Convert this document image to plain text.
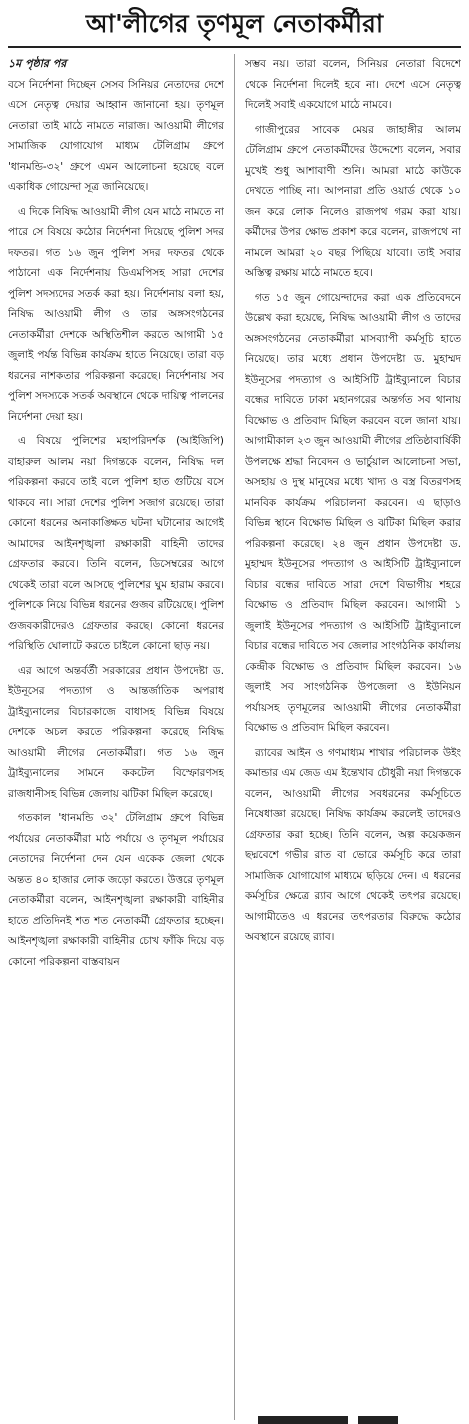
আ'লীগের তৃণমূল নেতাকর্মীরা
১ম পৃষ্ঠার পর

বসে নির্দেশনা দিচ্ছেন সেসব সিনিয়র নেতাদের দেশে এসে নেতৃত্ব দেয়ার আহ্বান জানানো হয়। তৃণমূল নেতারা তাই মাঠে নামতে নারাজ। আওয়ামী লীগের সামাজিক যোগাযোগ মাধ্যম টেলিগ্রাম গ্রুপে 'ধানমন্ডি-৩২' গ্রুপে এমন আলোচনা হয়েছে বলে একাধিক গোয়েন্দা সূত্র জানিয়েছে।

এ দিকে নিষিদ্ধ আওয়ামী লীগ যেন মাঠে নামতে না পারে সে বিষয়ে কঠোর নির্দেশনা দিয়েছে পুলিশ সদর দফতর। গত ১৬ জুন পুলিশ সদর দফতর থেকে পাঠানো এক নির্দেশনায় ডিএমপিসহ সারা দেশের পুলিশ সদস্যদের সতর্ক করা হয়। নির্দেশনায় বলা হয়, নিষিদ্ধ আওয়ামী লীগ ও তার অঙ্গসংগঠনের নেতাকর্মীরা দেশকে অস্থিতিশীল করতে আগামী ১৫ জুলাই পর্যন্ত বিভিন্ন কার্যক্রম হাতে নিয়েছে। তারা বড় ধরনের নাশকতার পরিকল্পনা করেছে। নির্দেশনায় সব পুলিশ সদস্যকে সতর্ক অবস্থানে থেকে দায়িত্ব পালনের নির্দেশনা দেয়া হয়।

এ বিষয়ে পুলিশের মহাপরিদর্শক (আইজিপি) বাহারুল আলম নয়া দিগন্তকে বলেন, নিষিদ্ধ দল পরিকল্পনা করবে তাই বলে পুলিশ হাত গুটিয়ে বসে থাকবে না। সারা দেশের পুলিশ সজাগ রয়েছে। তারা কোনো ধরনের অনাকাঙ্ক্ষিত ঘটনা ঘটানোর আগেই আমাদের আইনশৃঙ্খলা রক্ষাকারী বাহিনী তাদের গ্রেফতার করবে। তিনি বলেন, ডিসেম্বরের আগে থেকেই তারা বলে আসছে পুলিশের ঘুম হারাম করবে। পুলিশকে নিয়ে বিভিন্ন ধরনের গুজব রটিয়েছে। পুলিশ গুজবকারীদেরও গ্রেফতার করছে। কোনো ধরনের পরিস্থিতি ঘোলাটে করতে চাইলে কোনো ছাড় নয়।

এর আগে অন্তর্বর্তী সরকারের প্রধান উপদেষ্টা ড. ইউনূসের পদত্যাগ ও আন্তর্জাতিক অপরাধ ট্রাইব্যুনালের বিচারকাজে বাধাসহ বিভিন্ন বিষয়ে দেশকে অচল করতে পরিকল্পনা করেছে নিষিদ্ধ আওয়ামী লীগের নেতাকর্মীরা। গত ১৬ জুন ট্রাইব্যুনালের সামনে ককটেল বিস্ফোরণসহ রাজধানীসহ বিভিন্ন জেলায় ঝটিকা মিছিল করেছে।

গতকাল 'ধানমন্ডি ৩২' টেলিগ্রাম গ্রুপে বিভিন্ন পর্যায়ের নেতাকর্মীরা মাঠ পর্যায়ে ও তৃণমূল পর্যায়ের নেতাদের নির্দেশনা দেন যেন একেক জেলা থেকে অন্তত ৪০ হাজার লোক জড়ো করতে। উত্তরে তৃণমূল নেতাকর্মীরা বলেন, আইনশৃঙ্খলা রক্ষাকারী বাহিনীর হাতে প্রতিদিনই শত শত নেতাকর্মী গ্রেফতার হচ্ছেন। আইনশৃঙ্খলা রক্ষাকারী বাহিনীর চোখ ফাঁকি দিয়ে বড় কোনো পরিকল্পনা বাস্তবায়ন

সম্ভব নয়। তারা বলেন, সিনিয়র নেতারা বিদেশে থেকে নির্দেশনা দিলেই হবে না। দেশে এসে নেতৃত্ব দিলেই সবাই একযোগে মাঠে নামবে।

গাজীপুরের সাবেক মেয়র জাহাঙ্গীর আলম টেলিগ্রাম গ্রুপে নেতাকর্মীদের উদ্দেশ্যে বলেন, সবার মুখেই শুধু আশাবাণী শুনি। আমরা মাঠে কাউকে দেখতে পাচ্ছি না। আপনারা প্রতি ওয়ার্ড থেকে ১০ জন করে লোক নিলেও রাজপথ গরম করা যায়। কর্মীদের উপর ক্ষোভ প্রকাশ করে বলেন, রাজপথে না নামলে আমরা ২০ বছর পিছিয়ে যাবো। তাই সবার অস্তিত্ব রক্ষায় মাঠে নামতে হবে।

গত ১৫ জুন গোয়েন্দাদের করা এক প্রতিবেদনে উল্লেখ করা হয়েছে, নিষিদ্ধ আওয়ামী লীগ ও তাদের অঙ্গসংগঠনের নেতাকর্মীরা মাসব্যাপী কর্মসূচি হাতে নিয়েছে। তার মধ্যে প্রধান উপদেষ্টা ড. মুহাম্মদ ইউনূসের পদত্যাগ ও আইসিটি ট্রাইব্যুনালে বিচার বন্ধের দাবিতে ঢাকা মহানগরের অন্তর্গত সব থানায় বিক্ষোভ ও প্রতিবাদ মিছিল করবেন বলে জানা যায়। আগামীকাল ২৩ জুন আওয়ামী লীগের প্রতিষ্ঠাবার্ষিকী উপলক্ষে শ্রদ্ধা নিবেদন ও ভার্চুয়াল আলোচনা সভা, অসহায় ও দুস্থ মানুষের মধ্যে খাদ্য ও বস্ত্র বিতরণসহ মানবিক কার্যক্রম পরিচালনা করবেন। এ ছাড়াও বিভিন্ন স্থানে বিক্ষোভ মিছিল ও ঝটিকা মিছিল করার পরিকল্পনা করেছে। ২৪ জুন প্রধান উপদেষ্টা ড. মুহাম্মদ ইউনূসের পদত্যাগ ও আইসিটি ট্রাইব্যুনালে বিচার বন্ধের দাবিতে সারা দেশে বিভাগীয় শহরে বিক্ষোভ ও প্রতিবাদ মিছিল করবেন। আগামী ১ জুলাই ইউনূসের পদত্যাগ ও আইসিটি ট্রাইব্যুনালে বিচার বন্ধের দাবিতে সব জেলার সাংগঠনিক কার্যালয় কেন্দ্রীক বিক্ষোভ ও প্রতিবাদ মিছিল করবেন। ১৬ জুলাই সব সাংগঠনিক উপজেলা ও ইউনিয়ন পর্যায়সহ তৃণমূলের আওয়ামী লীগের নেতাকর্মীরা বিক্ষোভ ও প্রতিবাদ মিছিল করবেন।

র‍্যাবের আইন ও গণমাধ্যম শাখার পরিচালক উইং কমান্ডার এম জেড এম ইন্তেখাব চৌধুরী নয়া দিগন্তকে বলেন, আওয়ামী লীগের সবধরনের কর্মসূচিতে নিষেধাজ্ঞা রয়েছে। নিষিদ্ধ কার্যক্রম করলেই তাদেরও গ্রেফতার করা হচ্ছে। তিনি বলেন, অল্প কয়েকজন ছদ্মবেশে গভীর রাত বা ভোরে কর্মসূচি করে তারা সামাজিক যোগাযোগ মাধ্যমে ছড়িয়ে দেন। এ ধরনের কর্মসূচির ক্ষেত্রে র‍্যাব আগে থেকেই তৎপর রয়েছে। আগামীতেও এ ধরনের তৎপরতার বিরুদ্ধে কঠোর অবস্থানে রয়েছে র‍্যাব।
